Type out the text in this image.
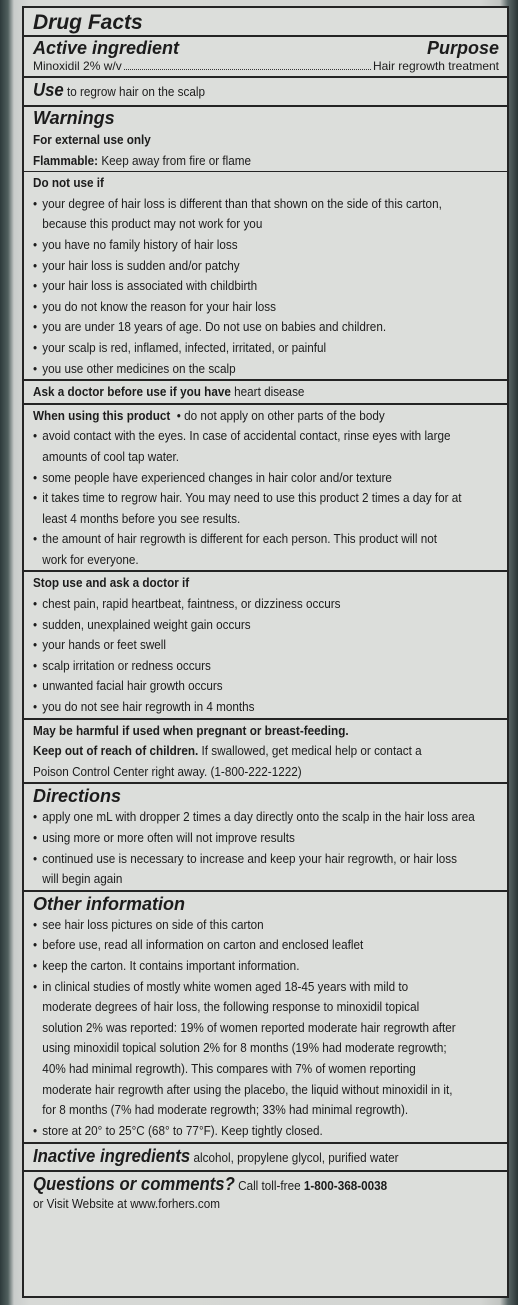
Drug Facts
Active ingredient	Purpose
Minoxidil 2% w/v	Hair regrowth treatment
Use to regrow hair on the scalp
Warnings
For external use only
Flammable: Keep away from fire or flame
Do not use if
• your degree of hair loss is different than that shown on the side of this carton,
because this product may not work for you
• you have no family history of hair loss
• your hair loss is sudden and/or patchy
• your hair loss is associated with childbirth
• you do not know the reason for your hair loss
• you are under 18 years of age. Do not use on babies and children.
• your scalp is red, inflamed, infected, irritated, or painful
• you use other medicines on the scalp
Ask a doctor before use if you have heart disease
When using this product  • do not apply on other parts of the body
• avoid contact with the eyes. In case of accidental contact, rinse eyes with large
amounts of cool tap water.
• some people have experienced changes in hair color and/or texture
• it takes time to regrow hair. You may need to use this product 2 times a day for at
least 4 months before you see results.
• the amount of hair regrowth is different for each person. This product will not
work for everyone.
Stop use and ask a doctor if
• chest pain, rapid heartbeat, faintness, or dizziness occurs
• sudden, unexplained weight gain occurs
• your hands or feet swell
• scalp irritation or redness occurs
• unwanted facial hair growth occurs
• you do not see hair regrowth in 4 months
May be harmful if used when pregnant or breast-feeding.
Keep out of reach of children. If swallowed, get medical help or contact a
Poison Control Center right away. (1-800-222-1222)
Directions
• apply one mL with dropper 2 times a day directly onto the scalp in the hair loss area
• using more or more often will not improve results
• continued use is necessary to increase and keep your hair regrowth, or hair loss
will begin again
Other information
• see hair loss pictures on side of this carton
• before use, read all information on carton and enclosed leaflet
• keep the carton. It contains important information.
• in clinical studies of mostly white women aged 18-45 years with mild to
moderate degrees of hair loss, the following response to minoxidil topical
solution 2% was reported: 19% of women reported moderate hair regrowth after
using minoxidil topical solution 2% for 8 months (19% had moderate regrowth;
40% had minimal regrowth). This compares with 7% of women reporting
moderate hair regrowth after using the placebo, the liquid without minoxidil in it,
for 8 months (7% had moderate regrowth; 33% had minimal regrowth).
• store at 20° to 25°C (68° to 77°F). Keep tightly closed.
Inactive ingredients alcohol, propylene glycol, purified water
Questions or comments? Call toll-free 1-800-368-0038
or Visit Website at www.forhers.com
